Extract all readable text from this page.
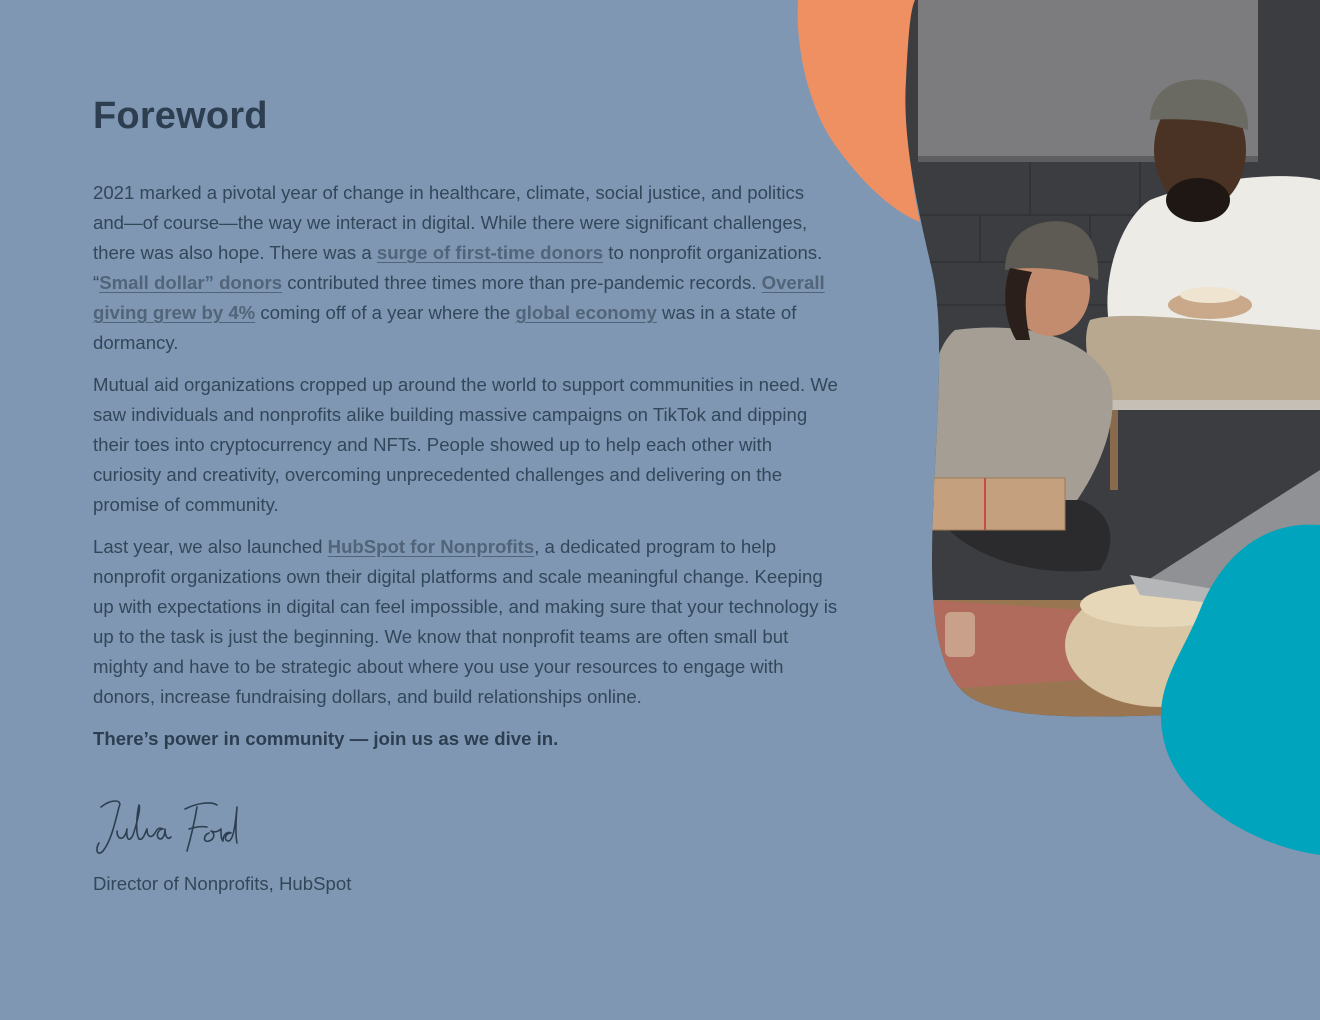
Foreword

2021 marked a pivotal year of change in healthcare, climate, social justice, and politics and—of course—the way we interact in digital. While there were significant challenges, there was also hope. There was a surge of first-time donors to nonprofit organizations. “Small dollar” donors contributed three times more than pre-pandemic records. Overall giving grew by 4% coming off of a year where the global economy was in a state of dormancy.

Mutual aid organizations cropped up around the world to support communities in need. We saw individuals and nonprofits alike building massive campaigns on TikTok and dipping their toes into cryptocurrency and NFTs. People showed up to help each other with curiosity and creativity, overcoming unprecedented challenges and delivering on the promise of community.

Last year, we also launched HubSpot for Nonprofits, a dedicated program to help nonprofit organizations own their digital platforms and scale meaningful change. Keeping up with expectations in digital can feel impossible, and making sure that your technology is up to the task is just the beginning. We know that nonprofit teams are often small but mighty and have to be strategic about where you use your resources to engage with donors, increase fundraising dollars, and build relationships online.

There’s power in community — join us as we dive in.

Director of Nonprofits, HubSpot
